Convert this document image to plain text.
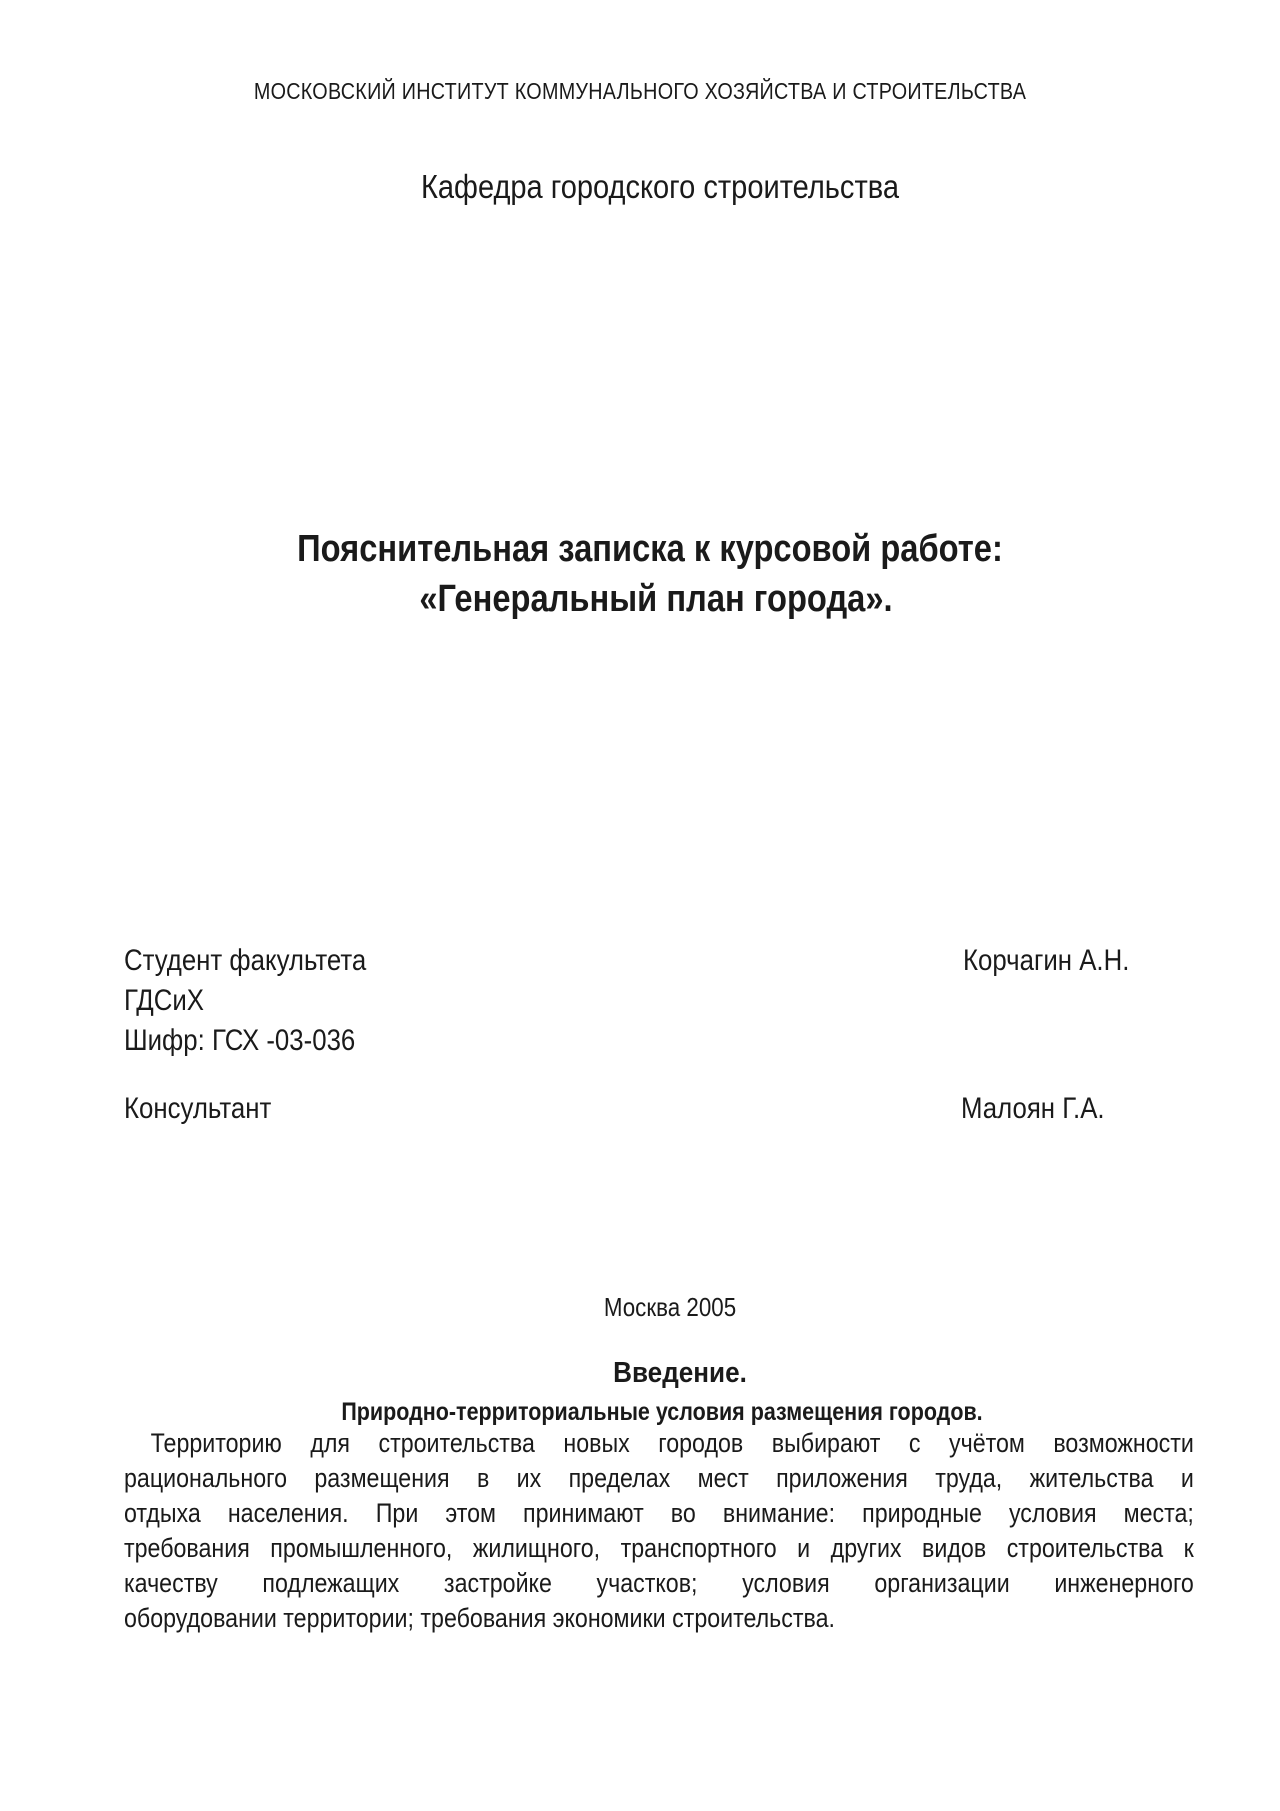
МОСКОВСКИЙ ИНСТИТУТ КОММУНАЛЬНОГО ХОЗЯЙСТВА И СТРОИТЕЛЬСТВА
Кафедра городского строительства
Пояснительная записка к курсовой работе:
«Генеральный план города».
Студент факультета
ГДСиХ
Шифр: ГСХ -03-036
Корчагин А.Н.
Консультант	Малоян Г.А.
Москва 2005
Введение.
Природно-территориальные условия размещения городов.
Территорию для строительства новых городов выбирают с учётом возможности
рационального размещения в их пределах мест приложения труда, жительства и
отдыха населения. При этом принимают во внимание: природные условия места;
требования промышленного, жилищного, транспортного и других видов строительства к
качеству подлежащих застройке участков; условия организации инженерного
оборудовании территории; требования экономики строительства.
